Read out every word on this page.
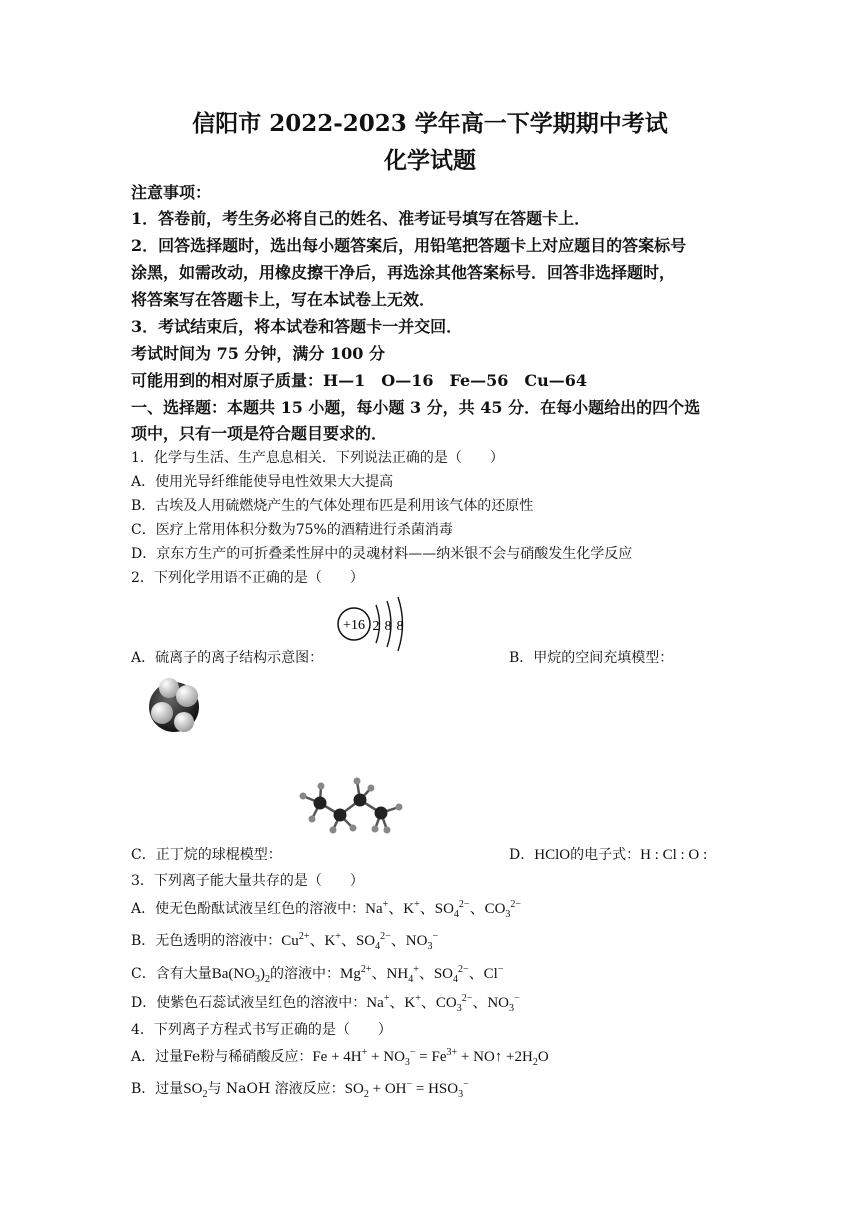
信阳市 2022-2023 学年高一下学期期中考试
化学试题
注意事项：
1．答卷前，考生务必将自己的姓名、准考证号填写在答题卡上．
2．回答选择题时，选出每小题答案后，用铅笔把答题卡上对应题目的答案标号
涂黑，如需改动，用橡皮擦干净后，再选涂其他答案标号．回答非选择题时，
将答案写在答题卡上，写在本试卷上无效．
3．考试结束后，将本试卷和答题卡一并交回．
考试时间为 75 分钟，满分 100 分
可能用到的相对原子质量：H—1　O—16　Fe—56　Cu—64
一、选择题：本题共 15 小题，每小题 3 分，共 45 分．在每小题给出的四个选
项中，只有一项是符合题目要求的．
1．化学与生活、生产息息相关．下列说法正确的是（　　）
A．使用光导纤维能使导电性效果大大提高
B．古埃及人用硫燃烧产生的气体处理布匹是利用该气体的还原性
C．医疗上常用体积分数为75%的酒精进行杀菌消毒
D．京东方生产的可折叠柔性屏中的灵魂材料——纳米银不会与硝酸发生化学反应
2．下列化学用语不正确的是（　　）
+16 2 8 8
A．硫离子的离子结构示意图：	B．甲烷的空间充填模型：
C．正丁烷的球棍模型：	D．HClO的电子式：H : Cl : O :
3．下列离子能大量共存的是（　　）
A．使无色酚酞试液呈红色的溶液中：Na+、K+、$SO_4^{2-}$、$CO_3^{2-}$
B．无色透明的溶液中：$Cu^{2+}$、K+、$SO_4^{2-}$、$NO_3^-$
C．含有大量$Ba(NO_3)_2$的溶液中：$Mg^{2+}$、$NH_4^+$、$SO_4^{2-}$、Cl−
D．使紫色石蕊试液呈红色的溶液中：Na+、K+、$CO_3^{2-}$、$NO_3^-$
4．下列离子方程式书写正确的是（　　）
A．过量Fe粉与稀硝酸反应：$Fe + 4H^+ + NO_3^- = Fe^{3+}$ + NO↑ $+2H_2O$
B．过量$SO_2$与 NaOH 溶液反应：$SO_2 + OH^- = HSO_3^-$
